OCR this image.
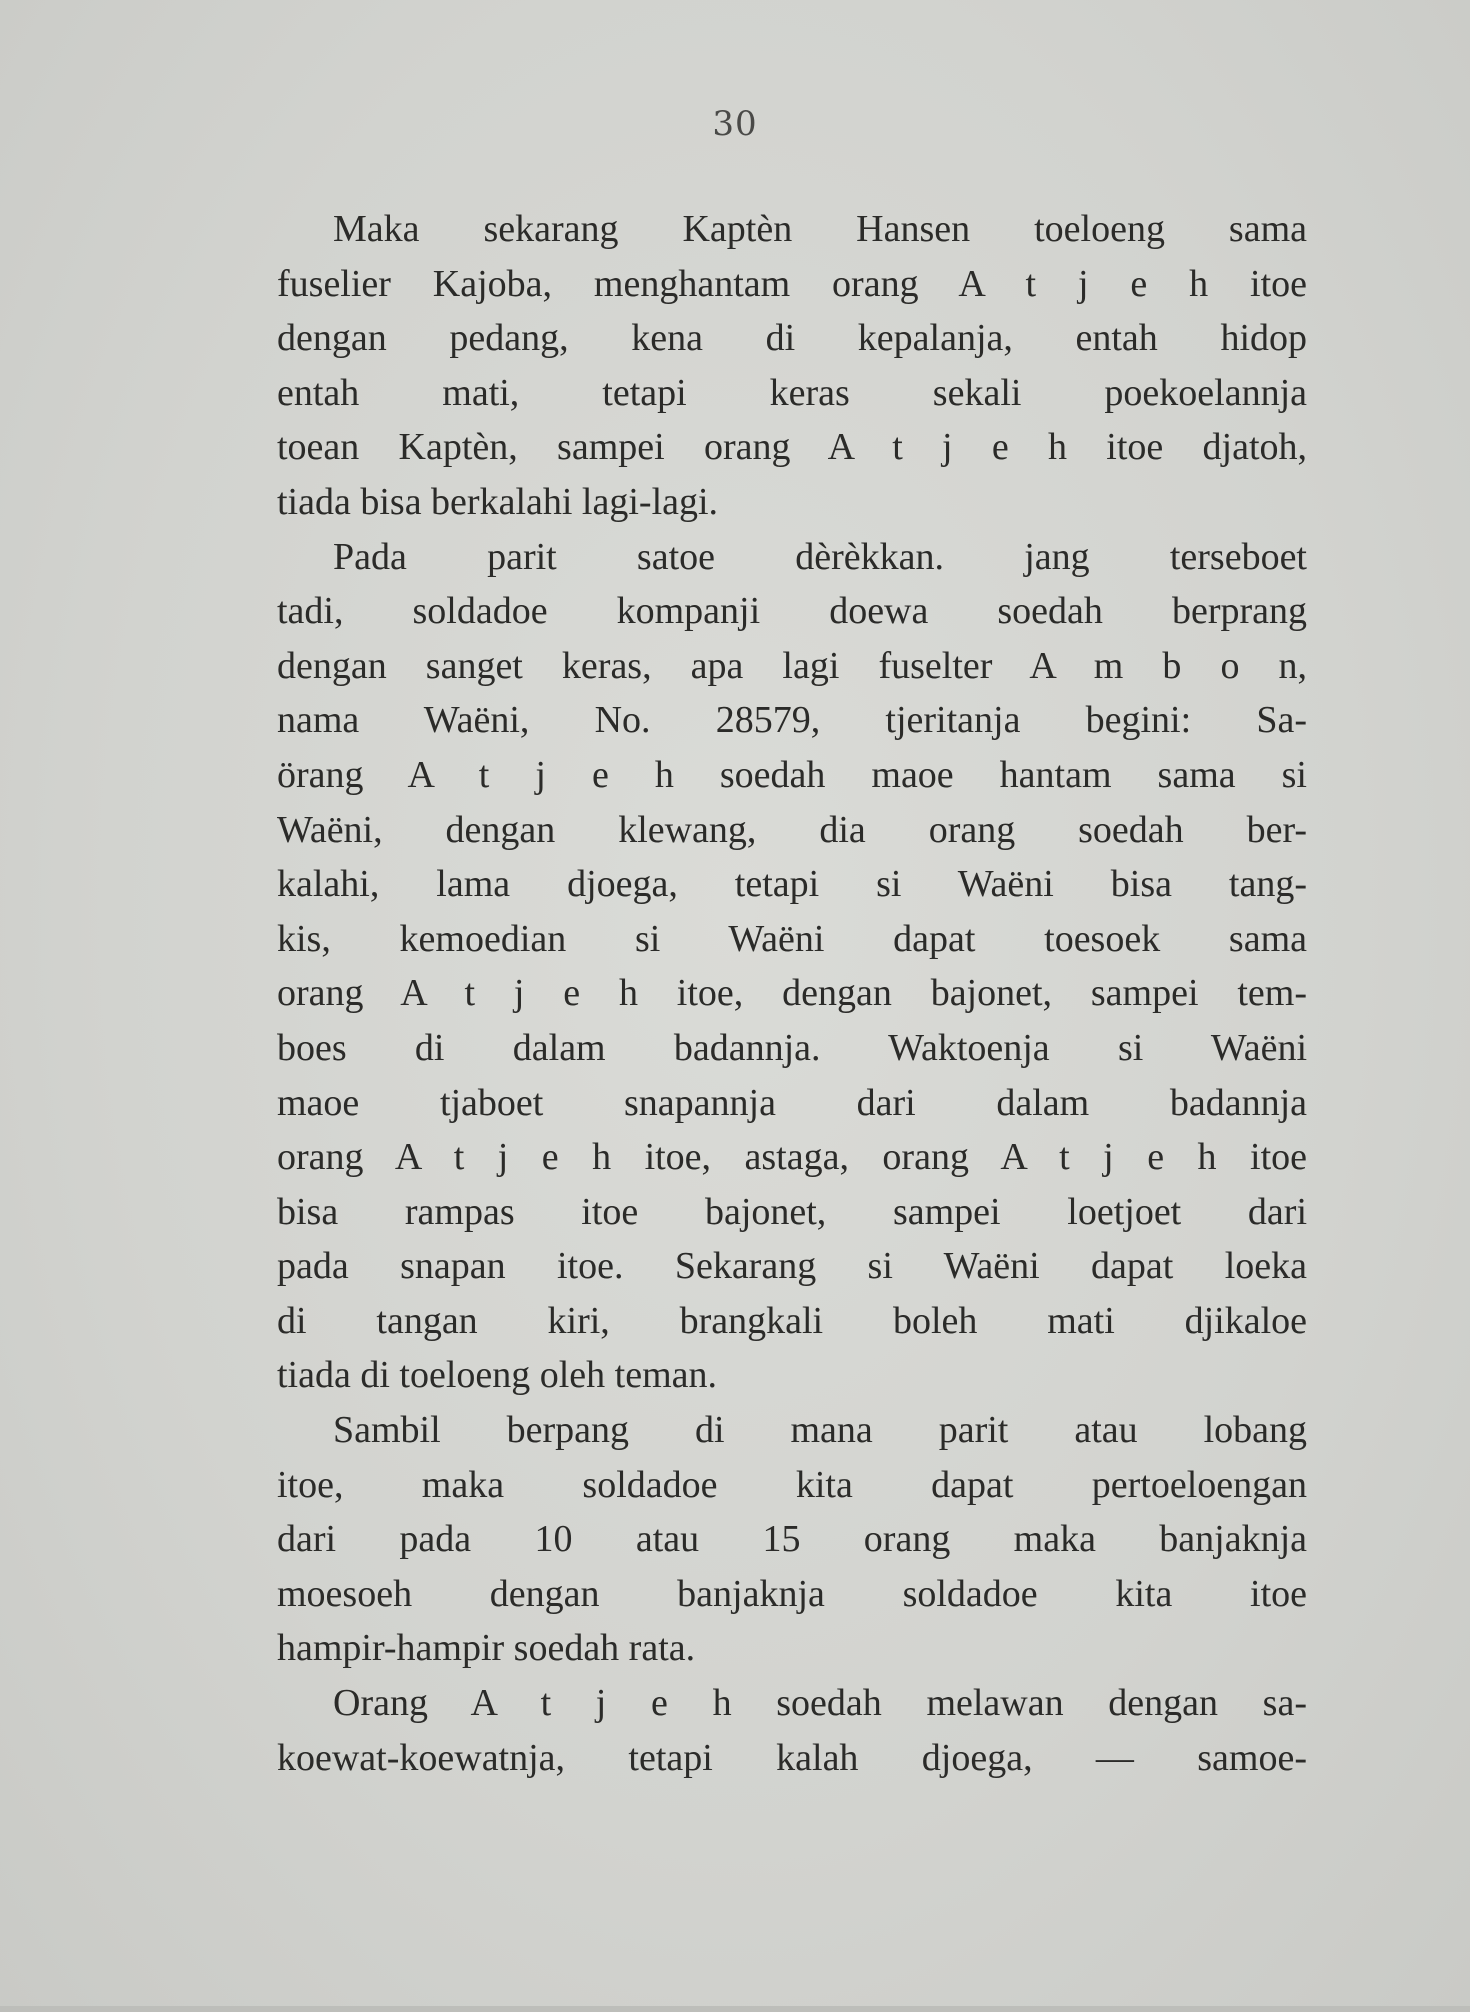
30
Maka sekarang Kaptèn Hansen toeloeng sama
fuselier Kajoba, menghantam orang A t j e h itoe
dengan pedang, kena di kepalanja, entah hidop
entah mati, tetapi keras sekali poekoelannja
toean Kaptèn, sampei orang A t j e h itoe djatoh,
tiada bisa berkalahi lagi-lagi.
Pada parit satoe dèrèkkan. jang terseboet
tadi, soldadoe kompanji doewa soedah berprang
dengan sanget keras, apa lagi fuselter A m b o n,
nama Waëni, No. 28579, tjeritanja begini: Sa-
örang A t j e h soedah maoe hantam sama si
Waëni, dengan klewang, dia orang soedah ber-
kalahi, lama djoega, tetapi si Waëni bisa tang-
kis, kemoedian si Waëni dapat toesoek sama
orang A t j e h itoe, dengan bajonet, sampei tem-
boes di dalam badannja. Waktoenja si Waëni
maoe tjaboet snapannja dari dalam badannja
orang A t j e h itoe, astaga, orang A t j e h itoe
bisa rampas itoe bajonet, sampei loetjoet dari
pada snapan itoe. Sekarang si Waëni dapat loeka
di tangan kiri, brangkali boleh mati djikaloe
tiada di toeloeng oleh teman.
Sambil berpang di mana parit atau lobang
itoe, maka soldadoe kita dapat pertoeloengan
dari pada 10 atau 15 orang maka banjaknja
moesoeh dengan banjaknja soldadoe kita itoe
hampir-hampir soedah rata.
Orang A t j e h soedah melawan dengan sa-
koewat-koewatnja, tetapi kalah djoega, — samoe-
